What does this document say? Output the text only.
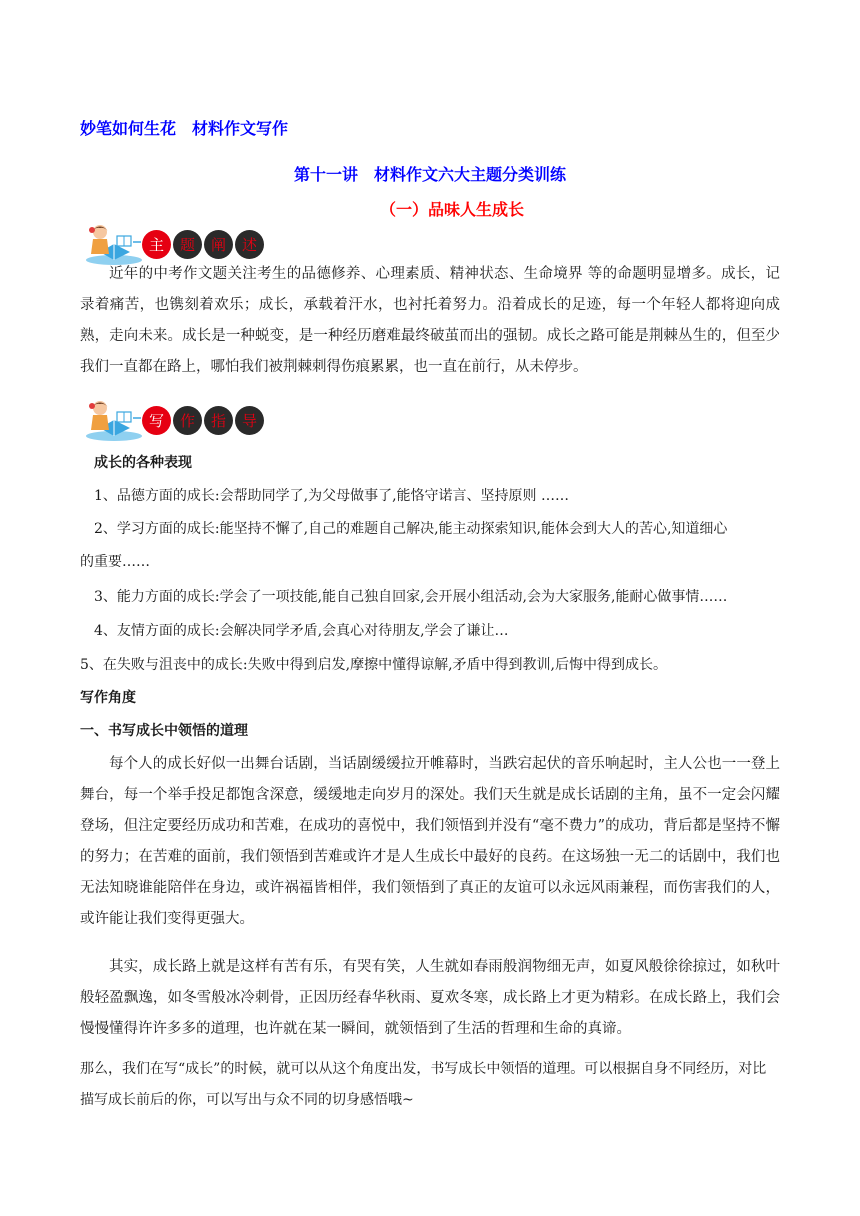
妙笔如何生花　材料作文写作
第十一讲　材料作文六大主题分类训练
（一）品味人生成长
主	题	阐	述

近年的中考作文题关注考生的品德修养、心理素质、精神状态、生命境界 等的命题明显增多。成长，记录着痛苦，也镌刻着欢乐；成长，承载着汗水，也衬托着努力。沿着成长的足迹，每一个年轻人都将迎向成熟，走向未来。成长是一种蜕变，是一种经历磨难最终破茧而出的强韧。成长之路可能是荆棘丛生的，但至少我们一直都在路上，哪怕我们被荆棘刺得伤痕累累，也一直在前行，从未停步。

写	作	指	导
成长的各种表现
1、品德方面的成长:会帮助同学了,为父母做事了,能恪守诺言、坚持原则 ……
2、学习方面的成长:能坚持不懈了,自己的难题自己解决,能主动探索知识,能体会到大人的苦心,知道细心
的重要……
3、能力方面的成长:学会了一项技能,能自己独自回家,会开展小组活动,会为大家服务,能耐心做事情……
4、友情方面的成长:会解决同学矛盾,会真心对待朋友,学会了谦让…
5、在失败与沮丧中的成长:失败中得到启发,摩擦中懂得谅解,矛盾中得到教训,后悔中得到成长。
写作角度
一、书写成长中领悟的道理

每个人的成长好似一出舞台话剧，当话剧缓缓拉开帷幕时，当跌宕起伏的音乐响起时，主人公也一一登上舞台，每一个举手投足都饱含深意，缓缓地走向岁月的深处。我们天生就是成长话剧的主角，虽不一定会闪耀登场，但注定要经历成功和苦难，在成功的喜悦中，我们领悟到并没有“毫不费力”的成功，背后都是坚持不懈的努力；在苦难的面前，我们领悟到苦难或许才是人生成长中最好的良药。在这场独一无二的话剧中，我们也无法知晓谁能陪伴在身边，或许祸福皆相伴，我们领悟到了真正的友谊可以永远风雨兼程，而伤害我们的人，或许能让我们变得更强大。

其实，成长路上就是这样有苦有乐，有哭有笑，人生就如春雨般润物细无声，如夏风般徐徐掠过，如秋叶般轻盈飘逸，如冬雪般冰冷刺骨，正因历经春华秋雨、夏欢冬寒，成长路上才更为精彩。在成长路上，我们会慢慢懂得许许多多的道理，也许就在某一瞬间，就领悟到了生活的哲理和生命的真谛。

那么，我们在写“成长”的时候，就可以从这个角度出发，书写成长中领悟的道理。可以根据自身不同经历，对比描写成长前后的你，可以写出与众不同的切身感悟哦~
